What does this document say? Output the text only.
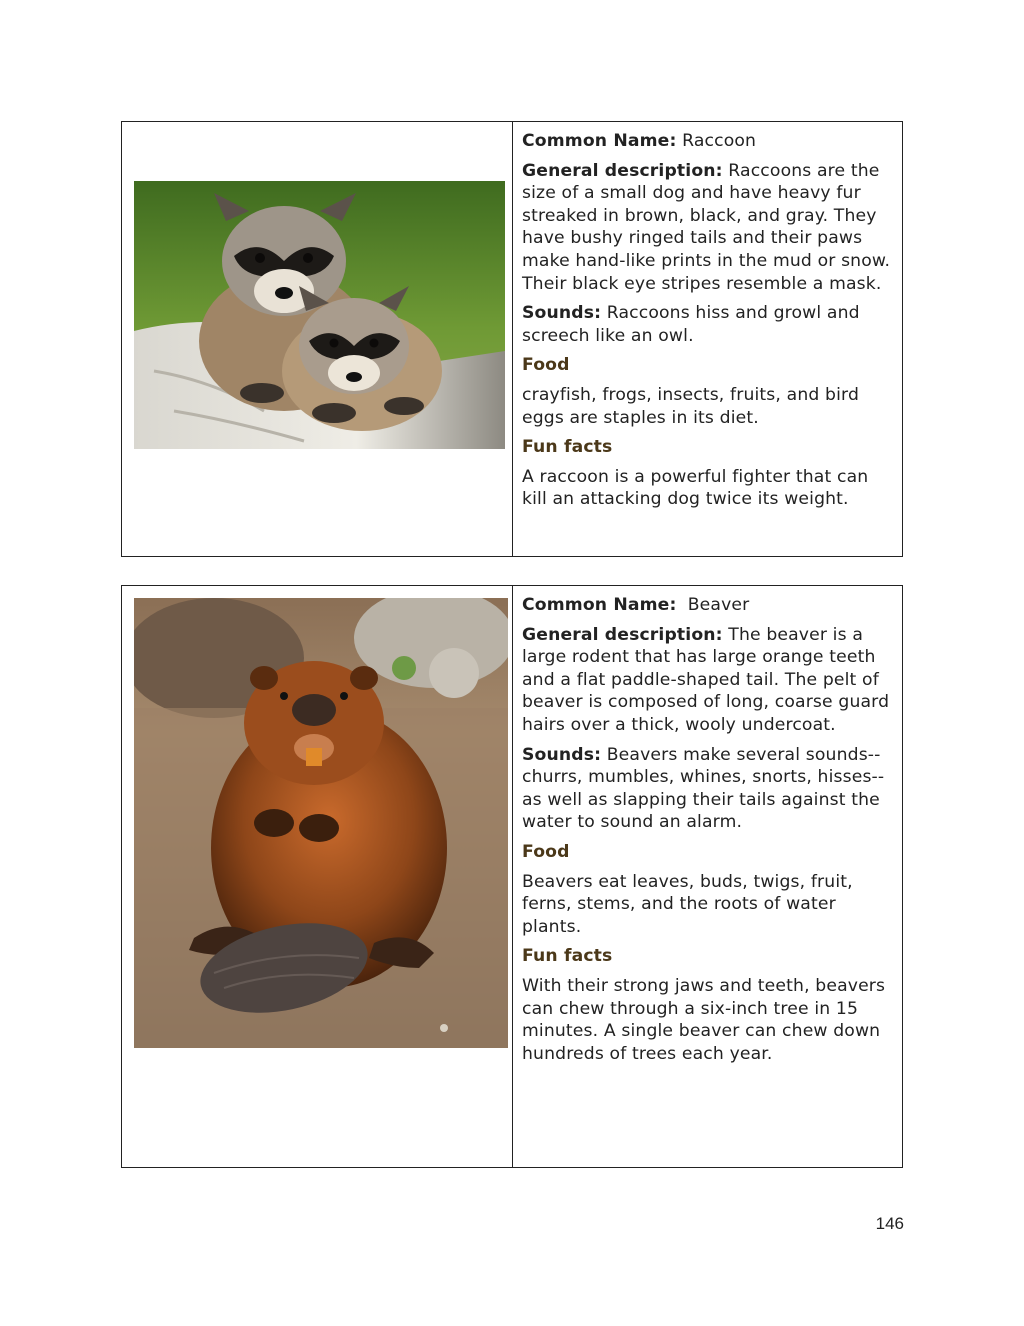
Common Name: Raccoon

General description: Raccoons are the size of a small dog and have heavy fur streaked in brown, black, and gray. They have bushy ringed tails and their paws make hand-like prints in the mud or snow. Their black eye stripes resemble a mask.

Sounds: Raccoons hiss and growl and screech like an owl.

Food

crayfish, frogs, insects, fruits, and bird eggs are staples in its diet.

Fun facts

A raccoon is a powerful fighter that can kill an attacking dog twice its weight.

Common Name:  Beaver

General description: The beaver is a large rodent that has large orange teeth and a flat paddle-shaped tail. The pelt of beaver is composed of long, coarse guard hairs over a thick, wooly undercoat.

Sounds: Beavers make several sounds--churrs, mumbles, whines, snorts, hisses--as well as slapping their tails against the water to sound an alarm.

Food

Beavers eat leaves, buds, twigs, fruit, ferns, stems, and the roots of water plants.

Fun facts

With their strong jaws and teeth, beavers can chew through a six-inch tree in 15 minutes. A single beaver can chew down hundreds of trees each year.

146
